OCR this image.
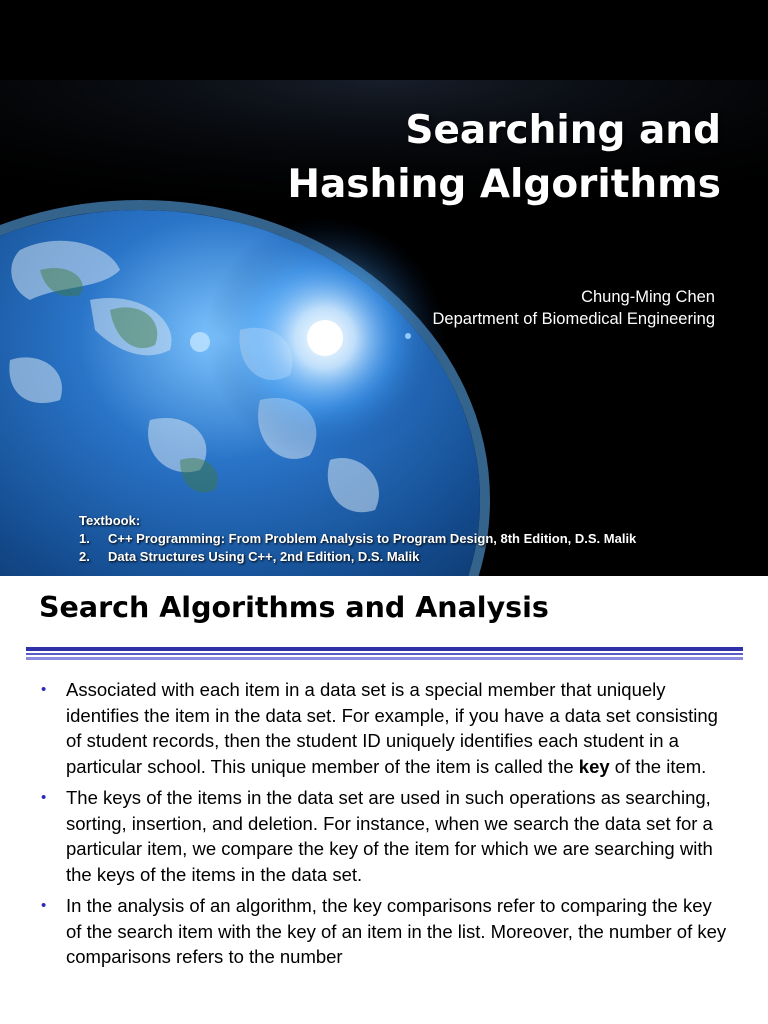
Searching and
Hashing Algorithms
Chung-Ming Chen
Department of Biomedical Engineering
Textbook:
1.	C++ Programming: From Problem Analysis to Program Design, 8th Edition, D.S. Malik
2.	Data Structures Using C++, 2nd Edition, D.S. Malik
Search Algorithms and Analysis
• Associated with each item in a data set is a special member that uniquely identifies the item in the data set. For example, if you have a data set consisting of student records, then the student ID uniquely identifies each student in a particular school. This unique member of the item is called the key of the item.
• The keys of the items in the data set are used in such operations as searching, sorting, insertion, and deletion. For instance, when we search the data set for a particular item, we compare the key of the item for which we are searching with the keys of the items in the data set.
• In the analysis of an algorithm, the key comparisons refer to comparing the key of the search item with the key of an item in the list. Moreover, the number of key comparisons refers to the number
